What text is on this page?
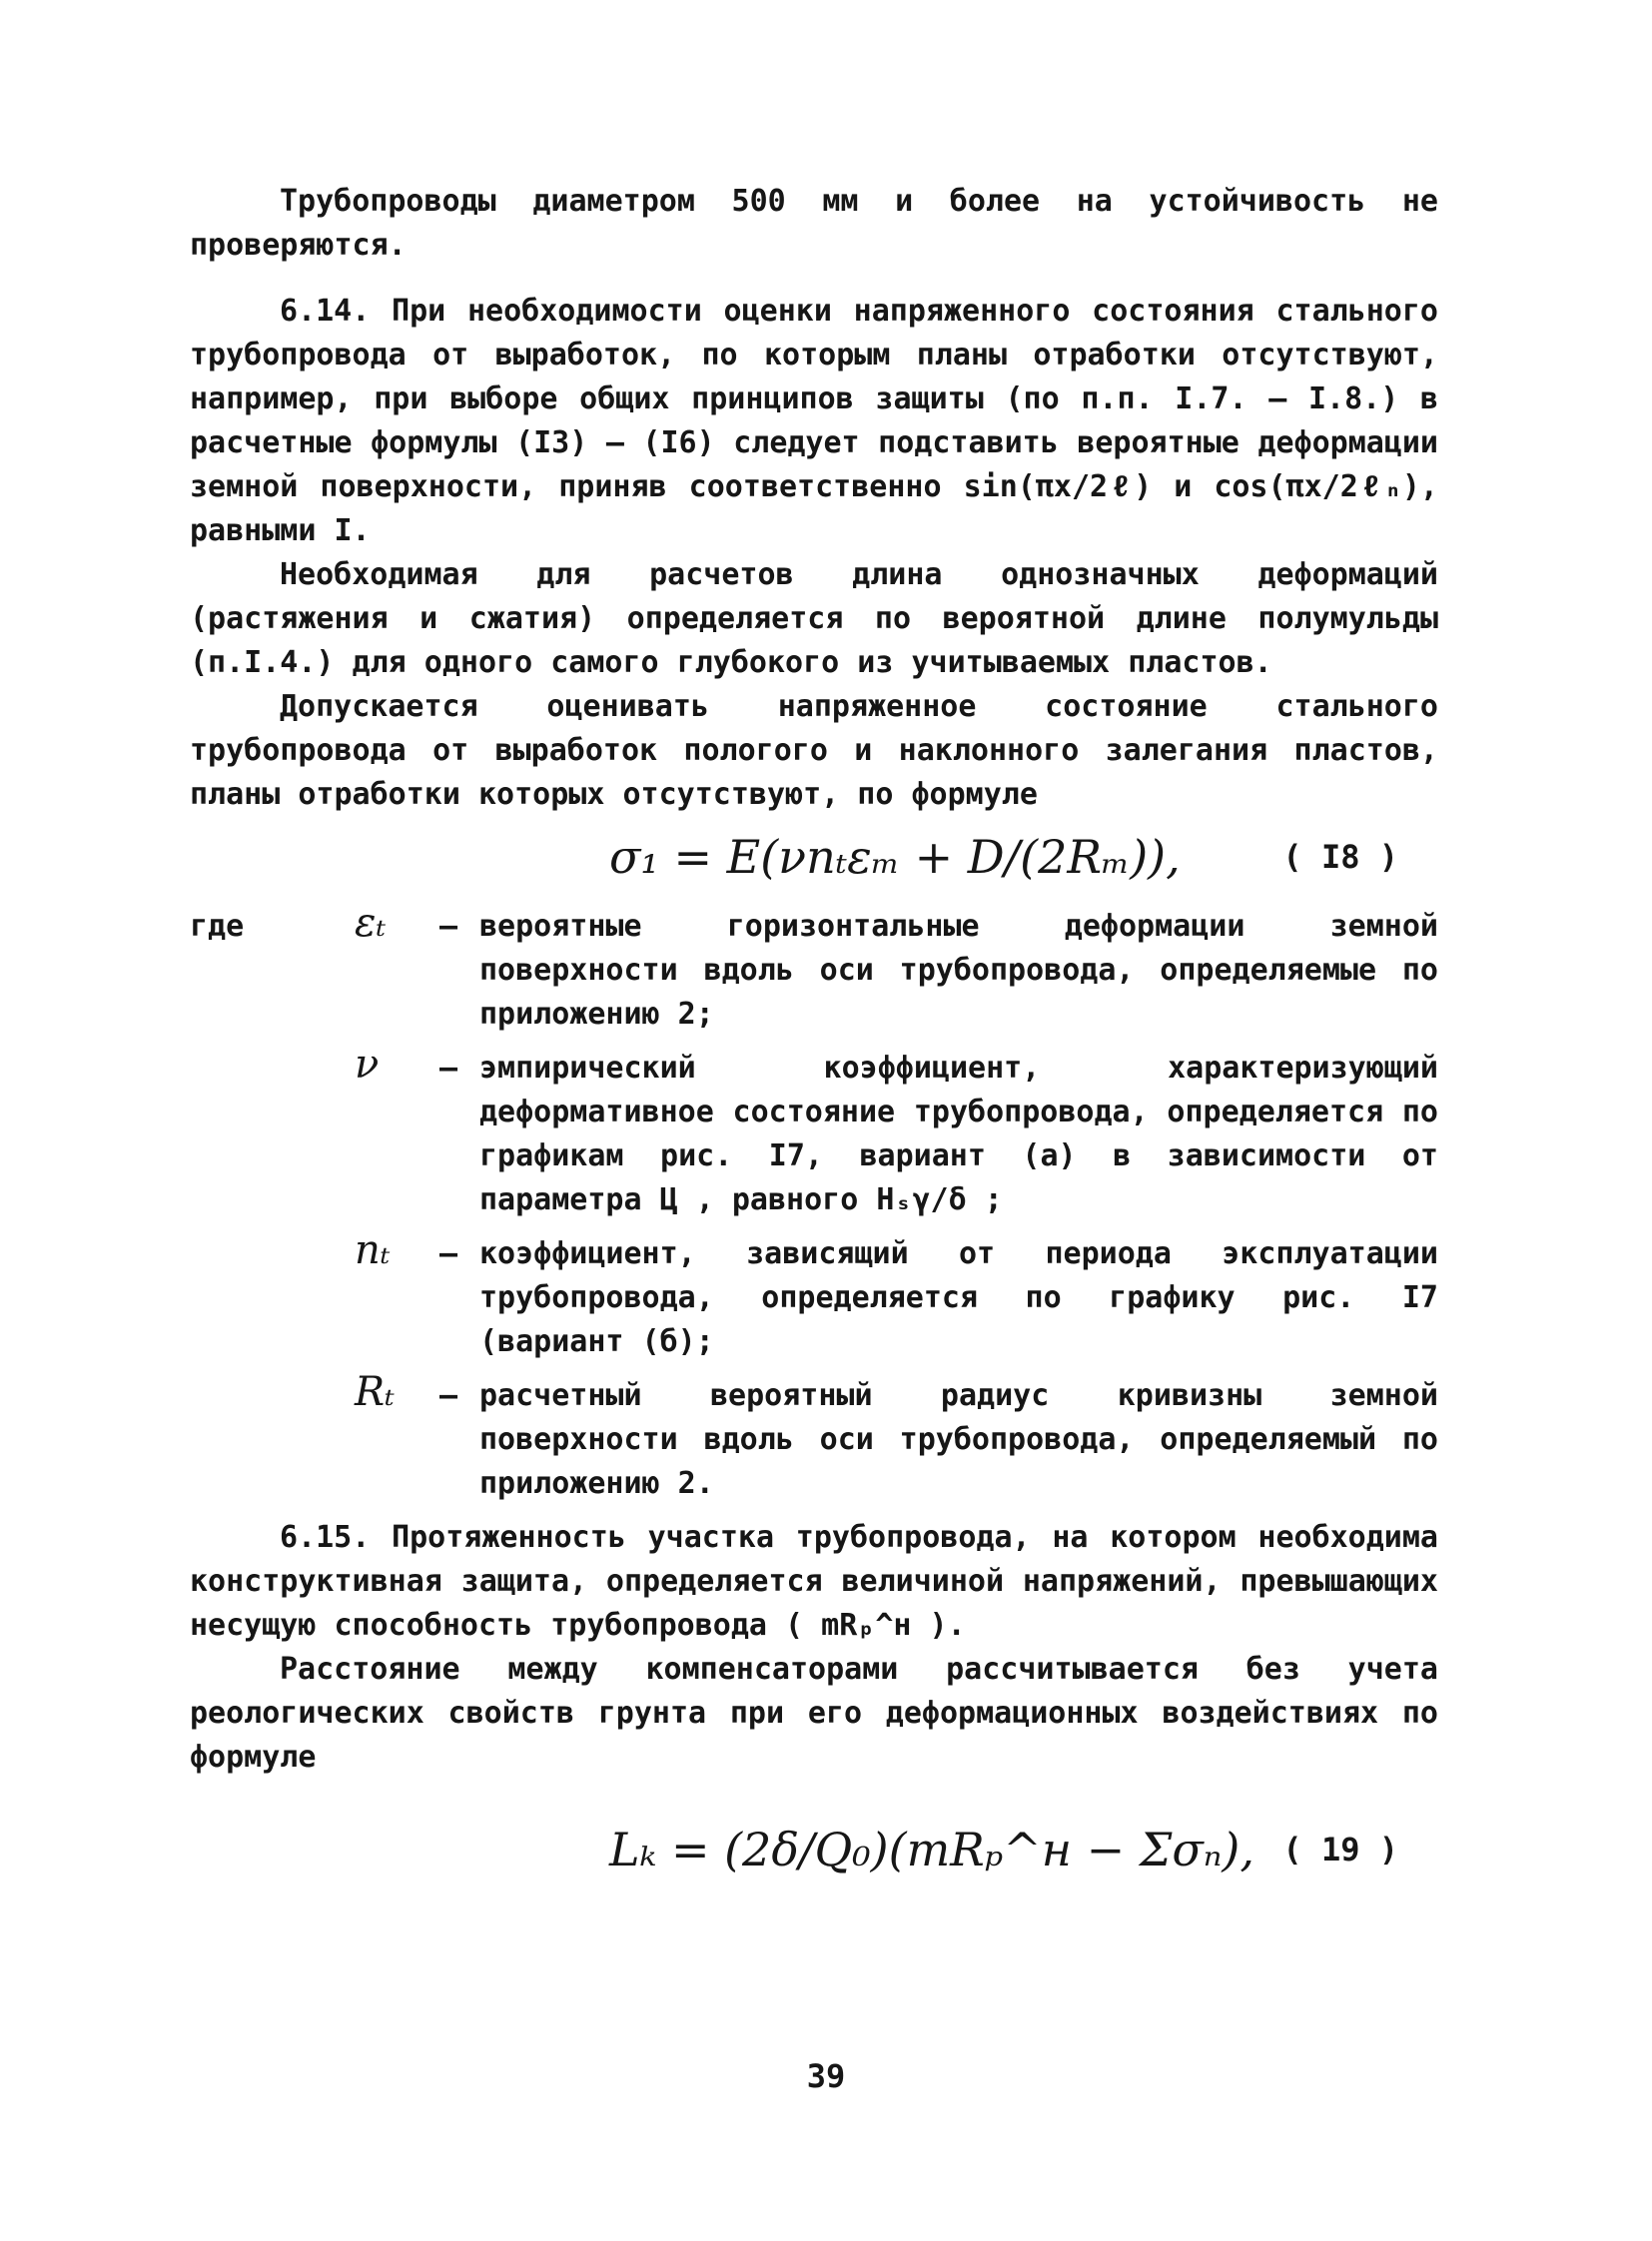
Трубопроводы диаметром 500 мм и более на устойчивость не проверяются.

6.14. При необходимости оценки напряженного состояния стального трубопровода от выработок, по которым планы отработки отсутствуют, например, при выборе общих принципов защиты (по п.п. I.7. – I.8.) в расчетные формулы (I3) – (I6) следует подставить вероятные деформации земной поверхности, приняв соответственно sin(πx/2ℓ) и cos(πx/2ℓₙ), равными I.

Необходимая для расчетов длина однозначных деформаций (растяжения и сжатия) определяется по вероятной длине полумульды (п.I.4.) для одного самого глубокого из учитываемых пластов.

Допускается оценивать напряженное состояние стального трубопровода от выработок пологого и наклонного залегания пластов, планы отработки которых отсутствуют, по формуле

σ₁ = E(νnₜεₘ + D/(2Rₘ)),	( I8 )
где	εₜ	– вероятные горизонтальные деформации земной поверхности вдоль оси трубопровода, определяемые по приложению 2;
ν	– эмпирический коэффициент, характеризующий деформативное состояние трубопровода, определяется по графикам рис. I7, вариант (а) в зависимости от параметра Ц , равного Hₛγ/δ ;
nₜ	– коэффициент, зависящий от периода эксплуатации трубопровода, определяется по графику рис. I7 (вариант (б);
Rₜ	– расчетный вероятный радиус кривизны земной поверхности вдоль оси трубопровода, определяемый по приложению 2.

6.15. Протяженность участка трубопровода, на котором необходима конструктивная защита, определяется величиной напряжений, превышающих несущую способность трубопровода ( mRₚ^н ).

Расстояние между компенсаторами рассчитывается без учета реологических свойств грунта при его деформационных воздействиях по формуле

Lₖ = (2δ/Q₀)(mRₚ^н − Σσₙ), ( 19 )
39
